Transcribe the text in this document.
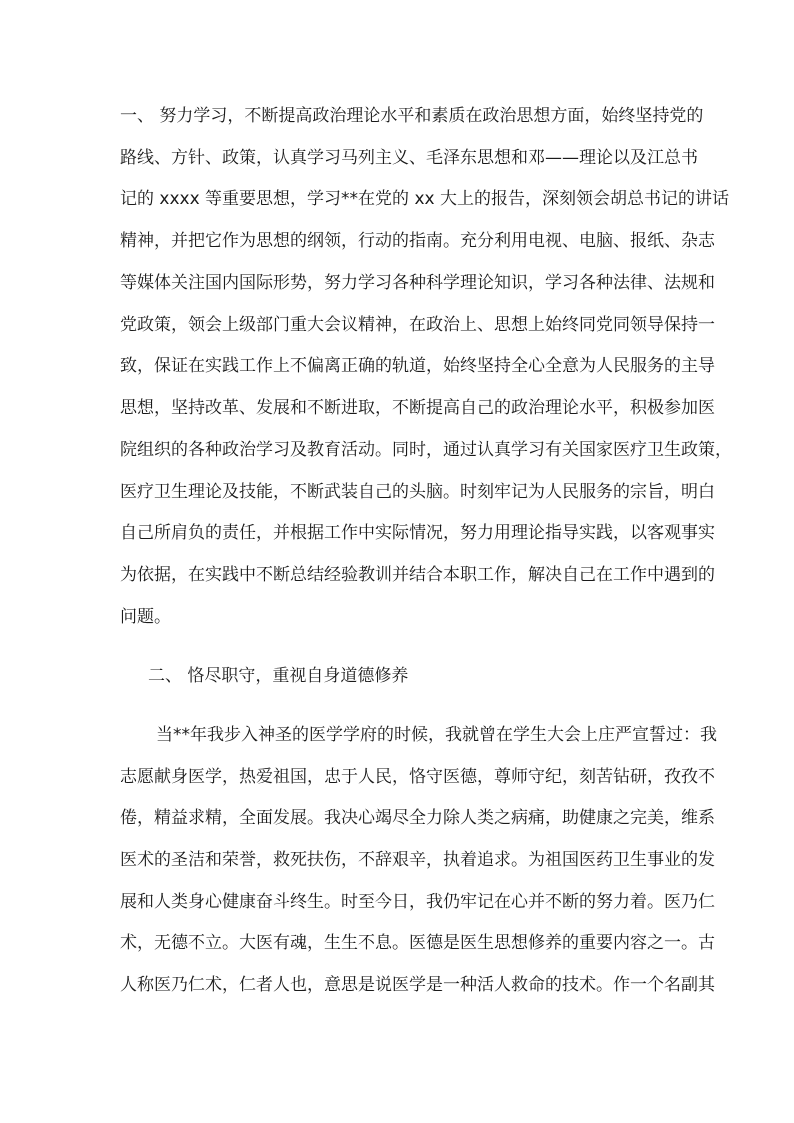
一、 努力学习，不断提高政治理论水平和素质在政治思想方面，始终坚持党的
路线、方针、政策，认真学习马列主义、毛泽东思想和邓——理论以及江总书
记的 xxxx 等重要思想，学习**在党的 xx 大上的报告，深刻领会胡总书记的讲话
精神，并把它作为思想的纲领，行动的指南。充分利用电视、电脑、报纸、杂志
等媒体关注国内国际形势，努力学习各种科学理论知识，学习各种法律、法规和
党政策，领会上级部门重大会议精神，在政治上、思想上始终同党同领导保持一
致，保证在实践工作上不偏离正确的轨道，始终坚持全心全意为人民服务的主导
思想，坚持改革、发展和不断进取，不断提高自己的政治理论水平，积极参加医
院组织的各种政治学习及教育活动。同时，通过认真学习有关国家医疗卫生政策，
医疗卫生理论及技能，不断武装自己的头脑。时刻牢记为人民服务的宗旨，明白
自己所肩负的责任，并根据工作中实际情况，努力用理论指导实践，以客观事实
为依据，在实践中不断总结经验教训并结合本职工作，解决自己在工作中遇到的
问题。
二、 恪尽职守，重视自身道德修养
当**年我步入神圣的医学学府的时候，我就曾在学生大会上庄严宣誓过：我
志愿献身医学，热爱祖国，忠于人民，恪守医德，尊师守纪，刻苦钻研，孜孜不
倦，精益求精，全面发展。我决心竭尽全力除人类之病痛，助健康之完美，维系
医术的圣洁和荣誉，救死扶伤，不辞艰辛，执着追求。为祖国医药卫生事业的发
展和人类身心健康奋斗终生。时至今日，我仍牢记在心并不断的努力着。医乃仁
术，无德不立。大医有魂，生生不息。医德是医生思想修养的重要内容之一。古
人称医乃仁术，仁者人也，意思是说医学是一种活人救命的技术。作一个名副其
